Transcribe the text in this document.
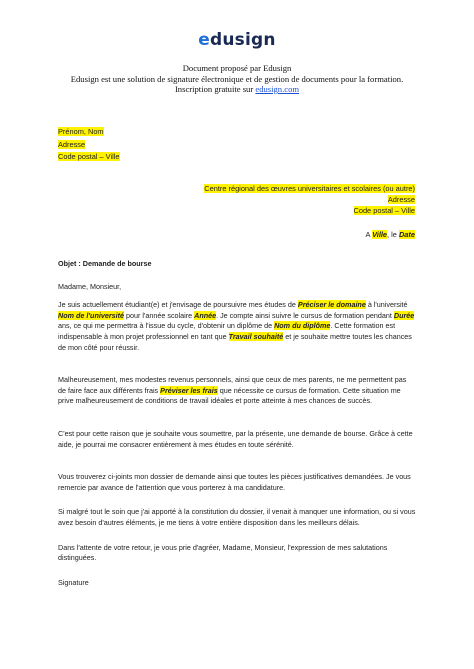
edusign
Document proposé par Edusign
Edusign est une solution de signature électronique et de gestion de documents pour la formation.
Inscription gratuite sur edusign.com
Prénom, Nom
Adresse
Code postal – Ville
Centre régional des œuvres universitaires et scolaires (ou autre)
Adresse
Code postal – Ville
A Ville, le Date

Objet : Demande de bourse

Madame, Monsieur,

Je suis actuellement étudiant(e) et j'envisage de poursuivre mes études de Préciser le domaine à l'université Nom de l'université pour l'année scolaire Année. Je compte ainsi suivre le cursus de formation pendant Durée ans, ce qui me permettra à l'issue du cycle, d'obtenir un diplôme de Nom du diplôme. Cette formation est indispensable à mon projet professionnel en tant que Travail souhaité et je souhaite mettre toutes les chances de mon côté pour réussir.

Malheureusement, mes modestes revenus personnels, ainsi que ceux de mes parents, ne me permettent pas de faire face aux différents frais Préviser les frais que nécessite ce cursus de formation. Cette situation me prive malheureusement de conditions de travail idéales et porte atteinte à mes chances de succès.

C'est pour cette raison que je souhaite vous soumettre, par la présente, une demande de bourse. Grâce à cette aide, je pourrai me consacrer entièrement à mes études en toute sérénité.

Vous trouverez ci-joints mon dossier de demande ainsi que toutes les pièces justificatives demandées. Je vous remercie par avance de l'attention que vous porterez à ma candidature.

Si malgré tout le soin que j'ai apporté à la constitution du dossier, il venait à manquer une information, ou si vous avez besoin d'autres éléments, je me tiens à votre entière disposition dans les meilleurs délais.

Dans l'attente de votre retour, je vous prie d'agréer, Madame, Monsieur, l'expression de mes salutations distinguées.

Signature
